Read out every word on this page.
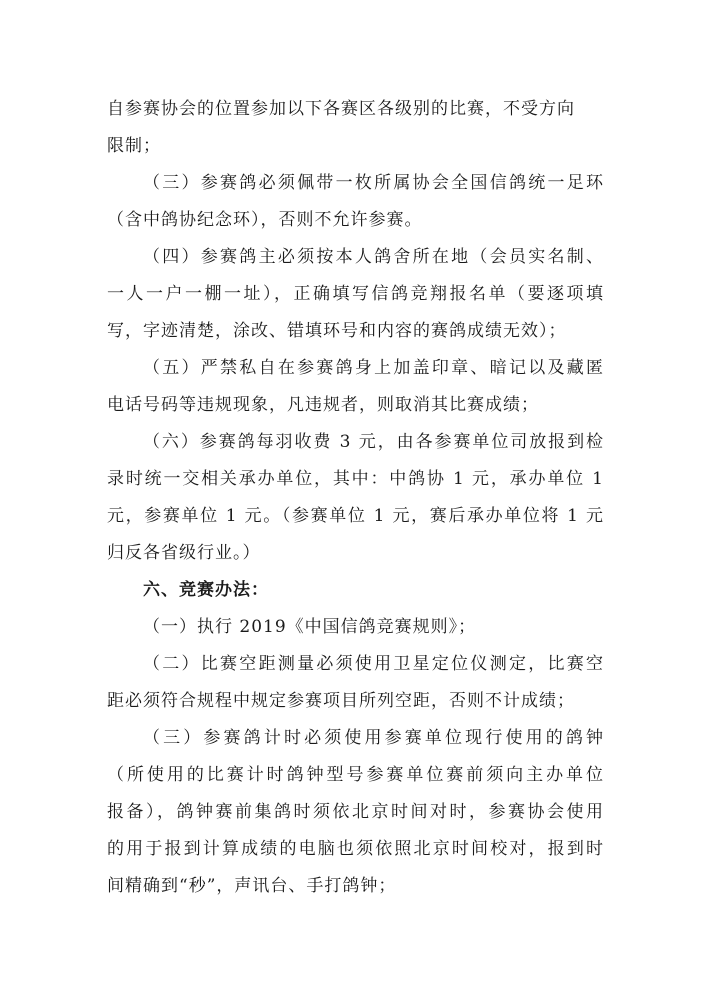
自参赛协会的位置参加以下各赛区各级别的比赛，不受方向
限制；
（三）参赛鸽必须佩带一枚所属协会全国信鸽统一足环
（含中鸽协纪念环），否则不允许参赛。
（四）参赛鸽主必须按本人鸽舍所在地（会员实名制、
一人一户一棚一址），正确填写信鸽竞翔报名单（要逐项填
写，字迹清楚，涂改、错填环号和内容的赛鸽成绩无效）；
（五）严禁私自在参赛鸽身上加盖印章、暗记以及藏匿
电话号码等违规现象，凡违规者，则取消其比赛成绩；
（六）参赛鸽每羽收费 3 元，由各参赛单位司放报到检
录时统一交相关承办单位，其中：中鸽协 1 元，承办单位 1
元，参赛单位 1 元。（参赛单位 1 元，赛后承办单位将 1 元
归反各省级行业。）
六、竞赛办法：
（一）执行 2019《中国信鸽竞赛规则》；
（二）比赛空距测量必须使用卫星定位仪测定，比赛空
距必须符合规程中规定参赛项目所列空距，否则不计成绩；
（三）参赛鸽计时必须使用参赛单位现行使用的鸽钟
（所使用的比赛计时鸽钟型号参赛单位赛前须向主办单位
报备），鸽钟赛前集鸽时须依北京时间对时，参赛协会使用
的用于报到计算成绩的电脑也须依照北京时间校对，报到时
间精确到“秒”，声讯台、手打鸽钟；
